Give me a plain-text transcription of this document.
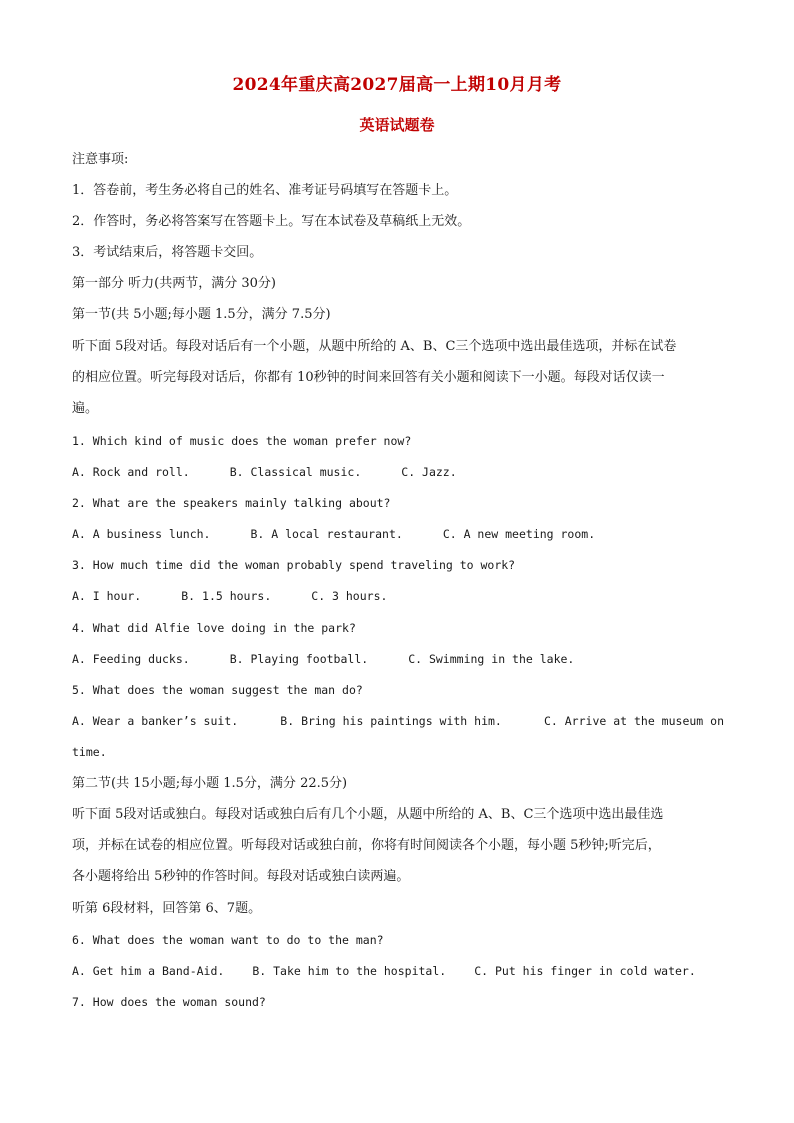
2024年重庆高2027届高一上期10月月考
英语试题卷
注意事项:
1．答卷前，考生务必将自己的姓名、准考证号码填写在答题卡上。
2．作答时，务必将答案写在答题卡上。写在本试卷及草稿纸上无效。
3．考试结束后，将答题卡交回。
第一部分 听力(共两节，满分 30分)
第一节(共 5小题;每小题 1.5分，满分 7.5分)
听下面 5段对话。每段对话后有一个小题，从题中所给的 A、B、C三个选项中选出最佳选项，并标在试卷
的相应位置。听完每段对话后，你都有 10秒钟的时间来回答有关小题和阅读下一小题。每段对话仅读一
遍。
1. Which kind of music does the woman prefer now?
A. Rock and roll.	B. Classical music.	C. Jazz.
2. What are the speakers mainly talking about?
A. A business lunch.	B. A local restaurant.	C. A new meeting room.
3. How much time did the woman probably spend traveling to work?
A. I hour.	B. 1.5 hours.	C. 3 hours.
4. What did Alfie love doing in the park?
A. Feeding ducks.	B. Playing football.	C. Swimming in the lake.
5. What does the woman suggest the man do?
A. Wear a banker’s suit.	B. Bring his paintings with him.	C. Arrive at the museum on
time.
第二节(共 15小题;每小题 1.5分，满分 22.5分)
听下面 5段对话或独白。每段对话或独白后有几个小题，从题中所给的 A、B、C三个选项中选出最佳选
项，并标在试卷的相应位置。听每段对话或独白前，你将有时间阅读各个小题，每小题 5秒钟;听完后，
各小题将给出 5秒钟的作答时间。每段对话或独白读两遍。
听第 6段材料，回答第 6、7题。
6. What does the woman want to do to the man?
A. Get him a Band-Aid. B. Take him to the hospital. C. Put his finger in cold water.
7. How does the woman sound?
